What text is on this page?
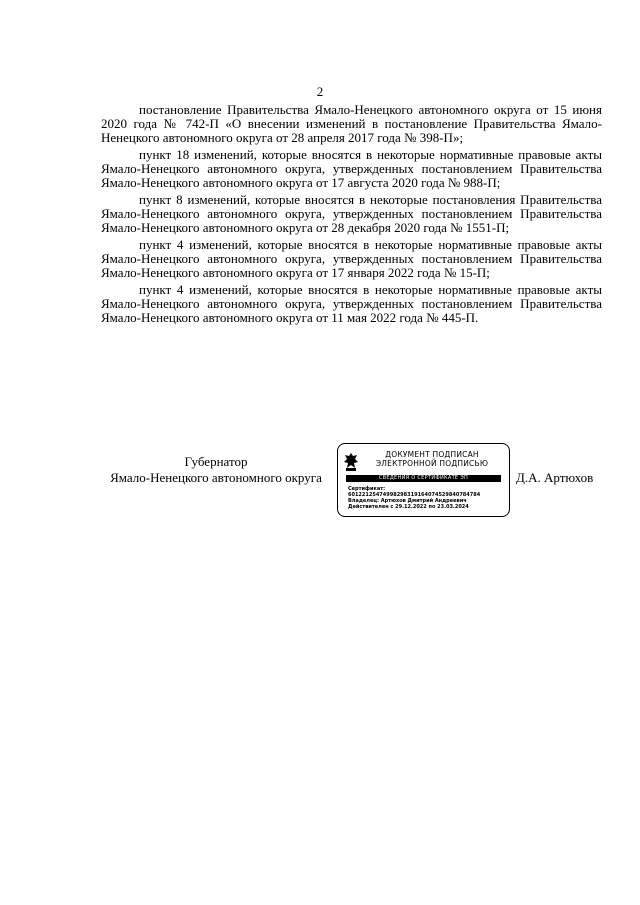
2

постановление Правительства Ямало-Ненецкого автономного округа от 15 июня 2020 года № 742-П «О внесении изменений в постановление Правительства Ямало-Ненецкого автономного округа от 28 апреля 2017 года № 398-П»;

пункт 18 изменений, которые вносятся в некоторые нормативные правовые акты Ямало-Ненецкого автономного округа, утвержденных постановлением Правительства Ямало-Ненецкого автономного округа от 17 августа 2020 года № 988-П;

пункт 8 изменений, которые вносятся в некоторые постановления Правительства Ямало-Ненецкого автономного округа, утвержденных постановлением Правительства Ямало-Ненецкого автономного округа от 28 декабря 2020 года № 1551-П;

пункт 4 изменений, которые вносятся в некоторые нормативные правовые акты Ямало-Ненецкого автономного округа, утвержденных постановлением Правительства Ямало-Ненецкого автономного округа от 17 января 2022 года № 15-П;

пункт 4 изменений, которые вносятся в некоторые нормативные правовые акты Ямало-Ненецкого автономного округа, утвержденных постановлением Правительства Ямало-Ненецкого автономного округа от 11 мая 2022 года № 445-П.

Губернатор
Ямало-Ненецкого автономного округа
ДОКУМЕНТ ПОДПИСАН
ЭЛЕКТРОННОЙ ПОДПИСЬЮ
СВЕДЕНИЯ О СЕРТИФИКАТЕ ЭП
Сертификат:
60122125474998298319164074529840784784
Владелец: Артюхов Дмитрий Андреевич
Действителен с 29.12.2022 по 23.03.2024
Д.А. Артюхов
